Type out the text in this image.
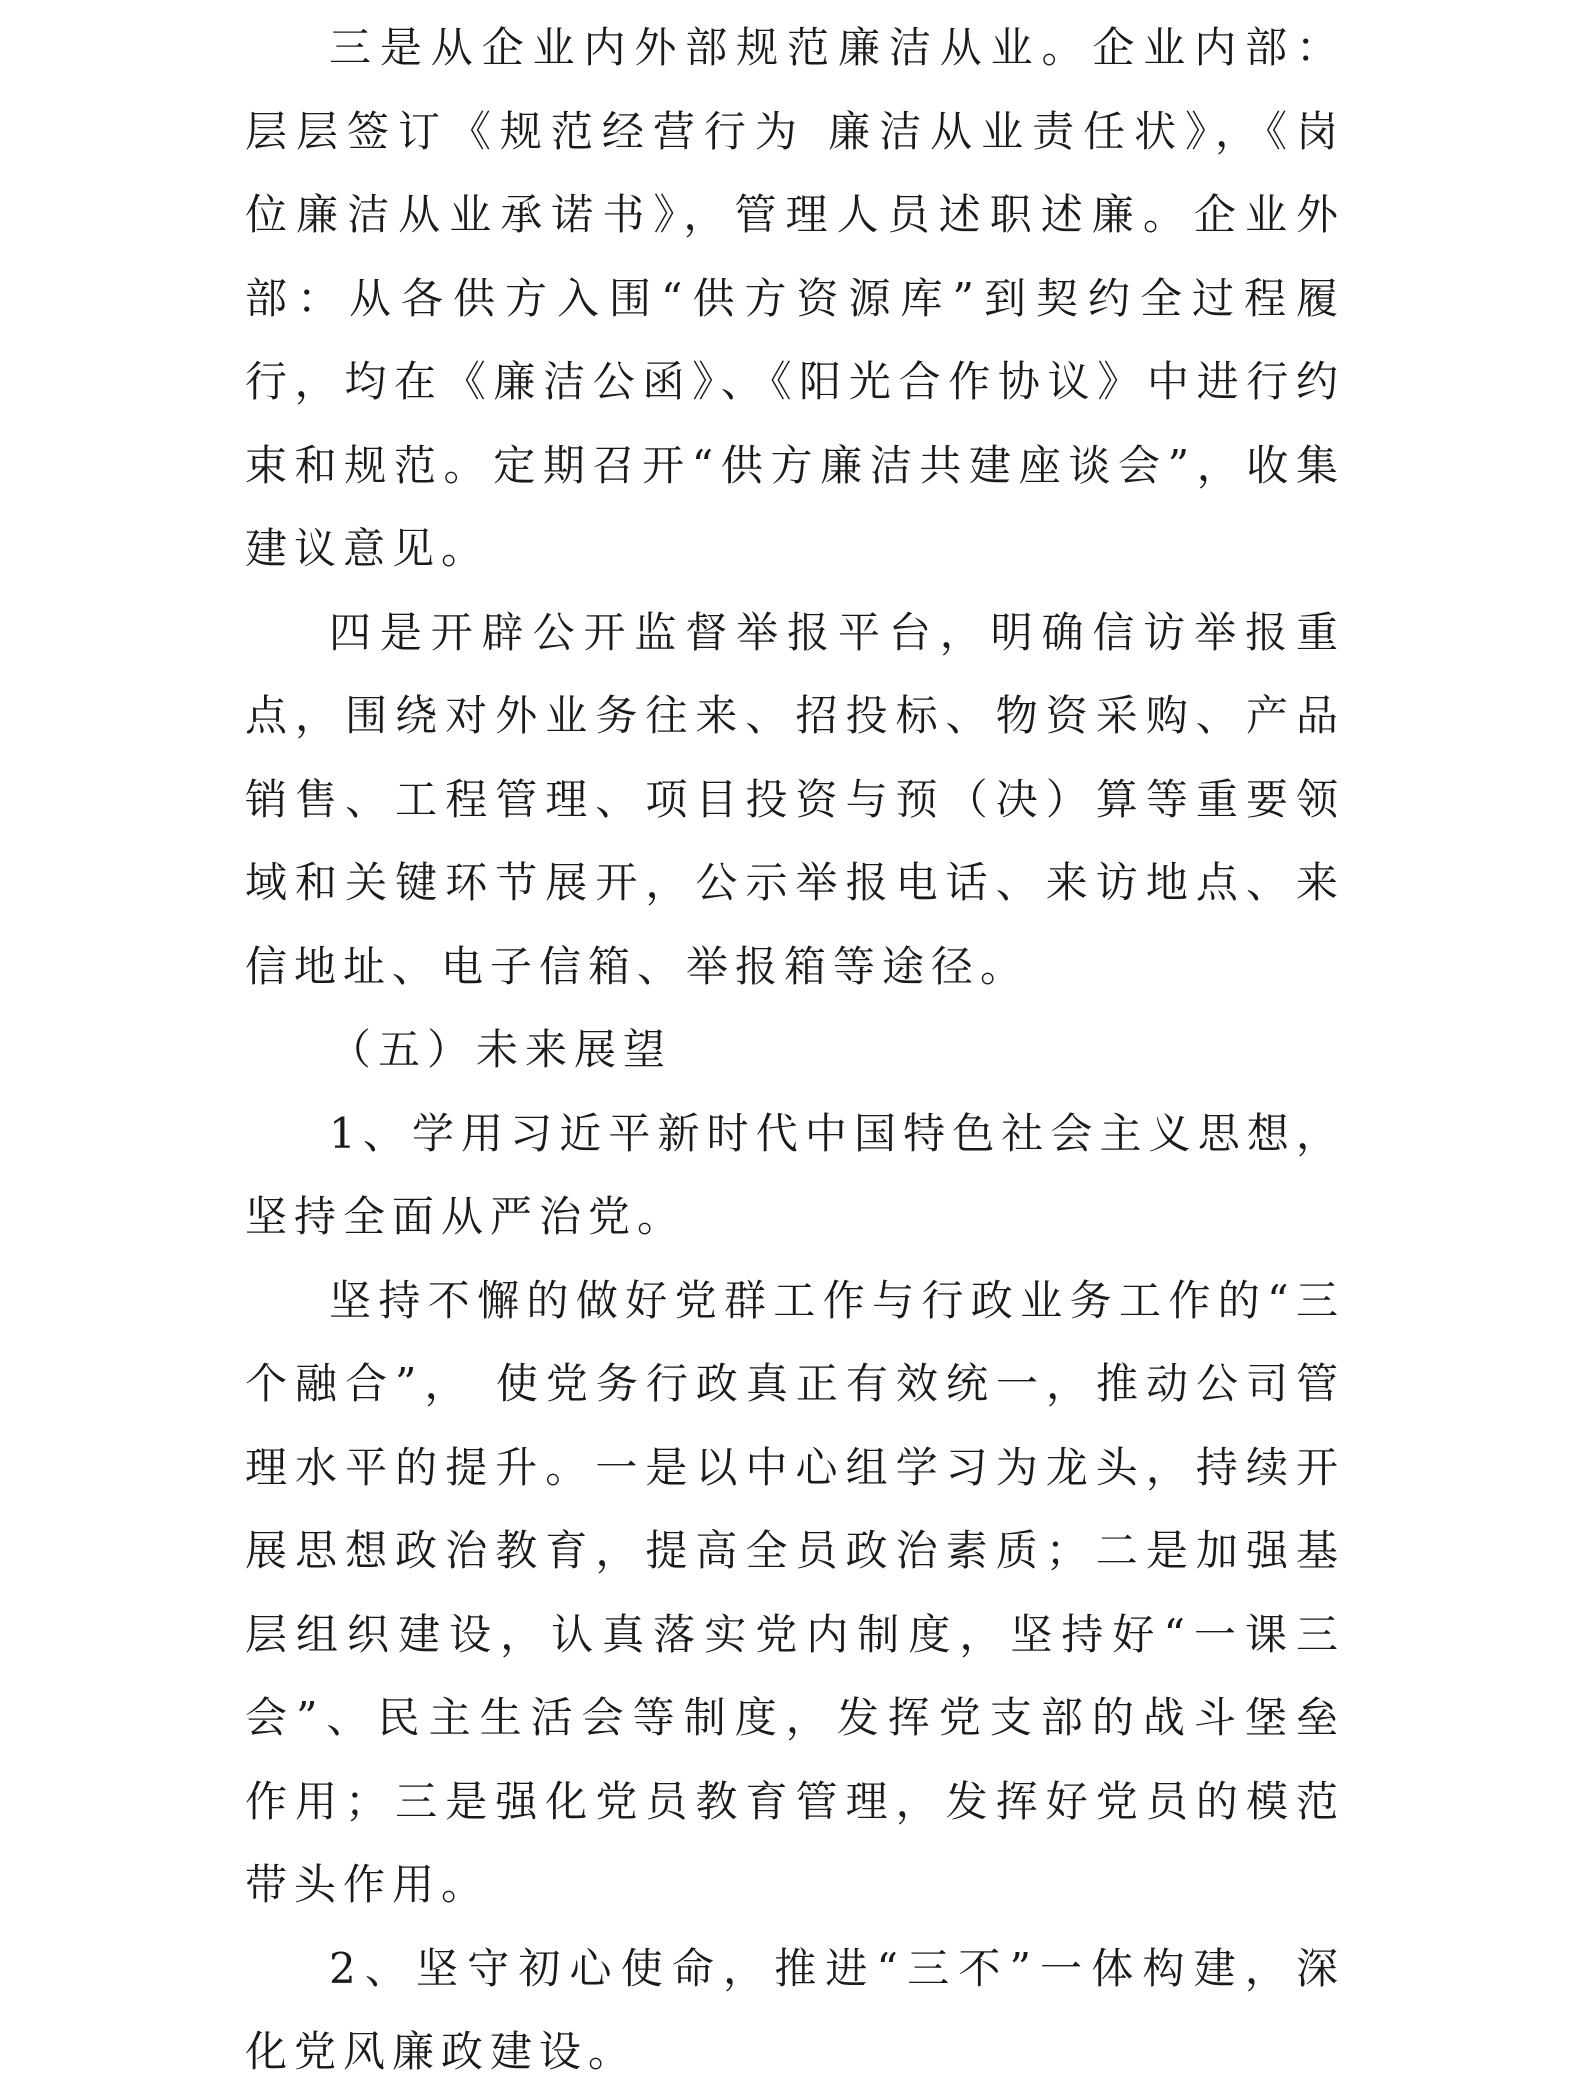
三是从企业内外部规范廉洁从业。企业内部：层层签订《规范经营行为 廉洁从业责任状》，《岗位廉洁从业承诺书》，管理人员述职述廉。企业外部：从各供方入围“供方资源库”到契约全过程履行，均在《廉洁公函》、《阳光合作协议》中进行约束和规范。定期召开“供方廉洁共建座谈会”，收集建议意见。

四是开辟公开监督举报平台，明确信访举报重点，围绕对外业务往来、招投标、物资采购、产品销售、工程管理、项目投资与预（决）算等重要领域和关键环节展开，公示举报电话、来访地点、来信地址、电子信箱、举报箱等途径。

（五）未来展望

1、学用习近平新时代中国特色社会主义思想，坚持全面从严治党。

坚持不懈的做好党群工作与行政业务工作的“三个融合”， 使党务行政真正有效统一，推动公司管理水平的提升。一是以中心组学习为龙头，持续开展思想政治教育，提高全员政治素质；二是加强基层组织建设，认真落实党内制度，坚持好“一课三会”、民主生活会等制度，发挥党支部的战斗堡垒作用；三是强化党员教育管理，发挥好党员的模范带头作用。

2、坚守初心使命，推进“三不”一体构建，深化党风廉政建设。
